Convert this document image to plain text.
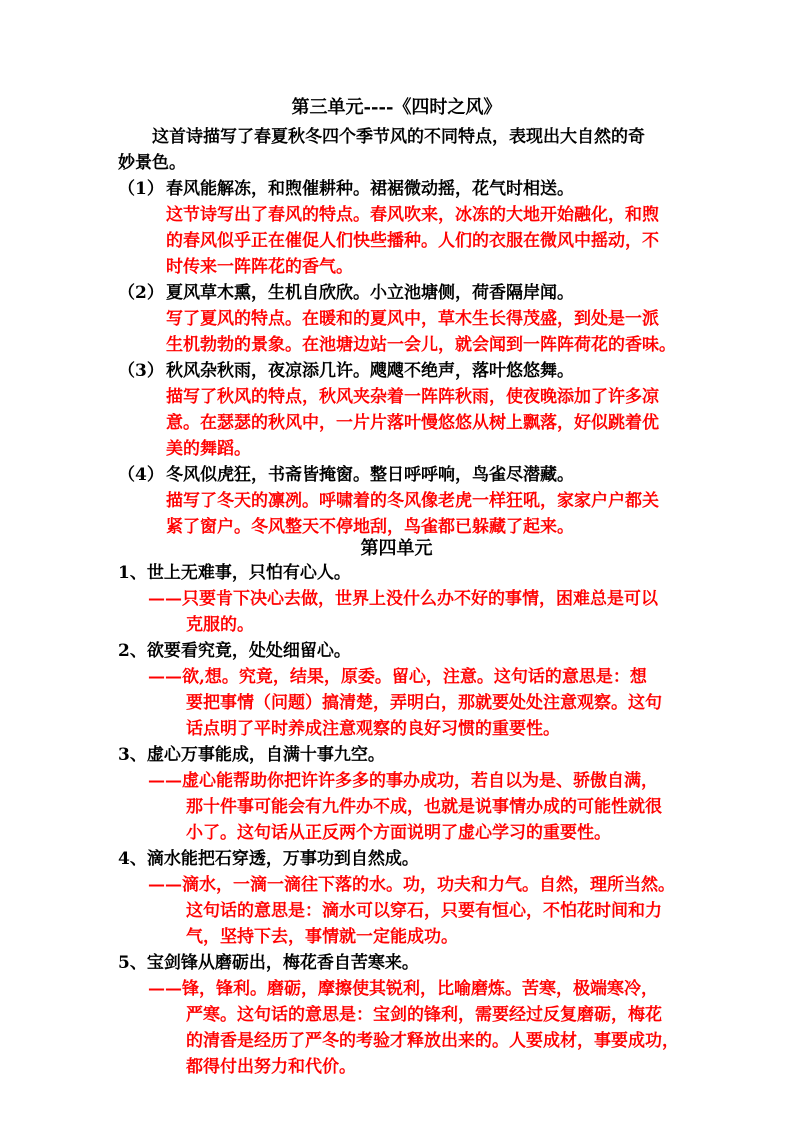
第三单元----《四时之风》
这首诗描写了春夏秋冬四个季节风的不同特点，表现出大自然的奇
妙景色。
（1） 春风能解冻，和煦催耕种。裙裾微动摇，花气时相送。
这节诗写出了春风的特点。春风吹来，冰冻的大地开始融化，和煦
的春风似乎正在催促人们快些播种。人们的衣服在微风中摇动，不
时传来一阵阵花的香气。
（2） 夏风草木熏，生机自欣欣。小立池塘侧，荷香隔岸闻。
写了夏风的特点。在暖和的夏风中，草木生长得茂盛，到处是一派
生机勃勃的景象。在池塘边站一会儿，就会闻到一阵阵荷花的香味。
（3） 秋风杂秋雨，夜凉添几许。飕飕不绝声，落叶悠悠舞。
描写了秋风的特点，秋风夹杂着一阵阵秋雨，使夜晚添加了许多凉
意。在瑟瑟的秋风中，一片片落叶慢悠悠从树上飘落，好似跳着优
美的舞蹈。
（4） 冬风似虎狂，书斋皆掩窗。整日呼呼响，鸟雀尽潜藏。
描写了冬天的凛冽。呼啸着的冬风像老虎一样狂吼，家家户户都关
紧了窗户。冬风整天不停地刮，鸟雀都已躲藏了起来。
第四单元
1、世上无难事，只怕有心人。
——只要肯下决心去做，世界上没什么办不好的事情，困难总是可以
克服的。
2、欲要看究竟，处处细留心。
——欲,想。究竟，结果，原委。留心，注意。这句话的意思是：想
要把事情（问题）搞清楚，弄明白，那就要处处注意观察。这句
话点明了平时养成注意观察的良好习惯的重要性。
3、虚心万事能成，自满十事九空。
——虚心能帮助你把许许多多的事办成功，若自以为是、骄傲自满，
那十件事可能会有九件办不成，也就是说事情办成的可能性就很
小了。这句话从正反两个方面说明了虚心学习的重要性。
4、滴水能把石穿透，万事功到自然成。
——滴水，一滴一滴往下落的水。功，功夫和力气。自然，理所当然。
这句话的意思是：滴水可以穿石，只要有恒心，不怕花时间和力
气，坚持下去，事情就一定能成功。
5、宝剑锋从磨砺出，梅花香自苦寒来。
——锋，锋利。磨砺，摩擦使其锐利，比喻磨炼。苦寒，极端寒冷，
严寒。这句话的意思是：宝剑的锋利，需要经过反复磨砺，梅花
的清香是经历了严冬的考验才释放出来的。人要成材，事要成功，
都得付出努力和代价。
